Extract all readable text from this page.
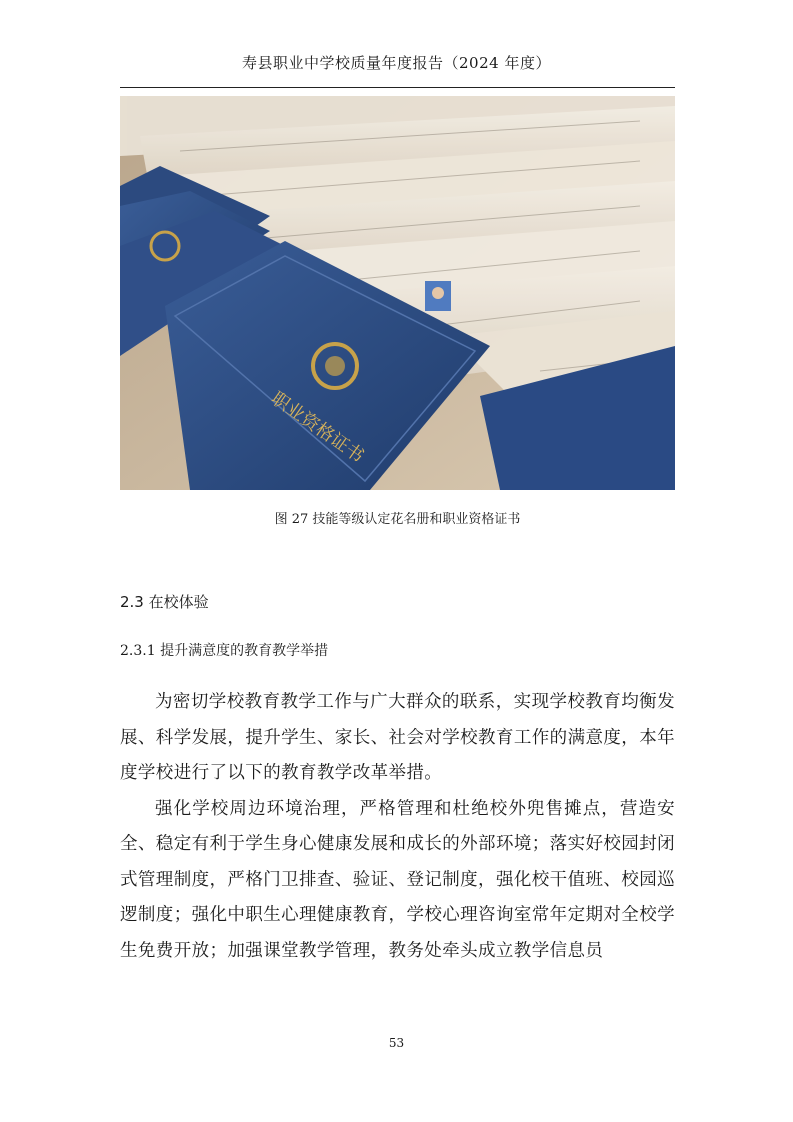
寿县职业中学校质量年度报告（2024 年度）
职业资格证书
图 27 技能等级认定花名册和职业资格证书
2.3 在校体验
2.3.1 提升满意度的教育教学举措

为密切学校教育教学工作与广大群众的联系，实现学校教育均衡发展、科学发展，提升学生、家长、社会对学校教育工作的满意度，本年度学校进行了以下的教育教学改革举措。

强化学校周边环境治理，严格管理和杜绝校外兜售摊点，营造安全、稳定有利于学生身心健康发展和成长的外部环境；落实好校园封闭式管理制度，严格门卫排查、验证、登记制度，强化校干值班、校园巡逻制度；强化中职生心理健康教育，学校心理咨询室常年定期对全校学生免费开放；加强课堂教学管理，教务处牵头成立教学信息员

53
